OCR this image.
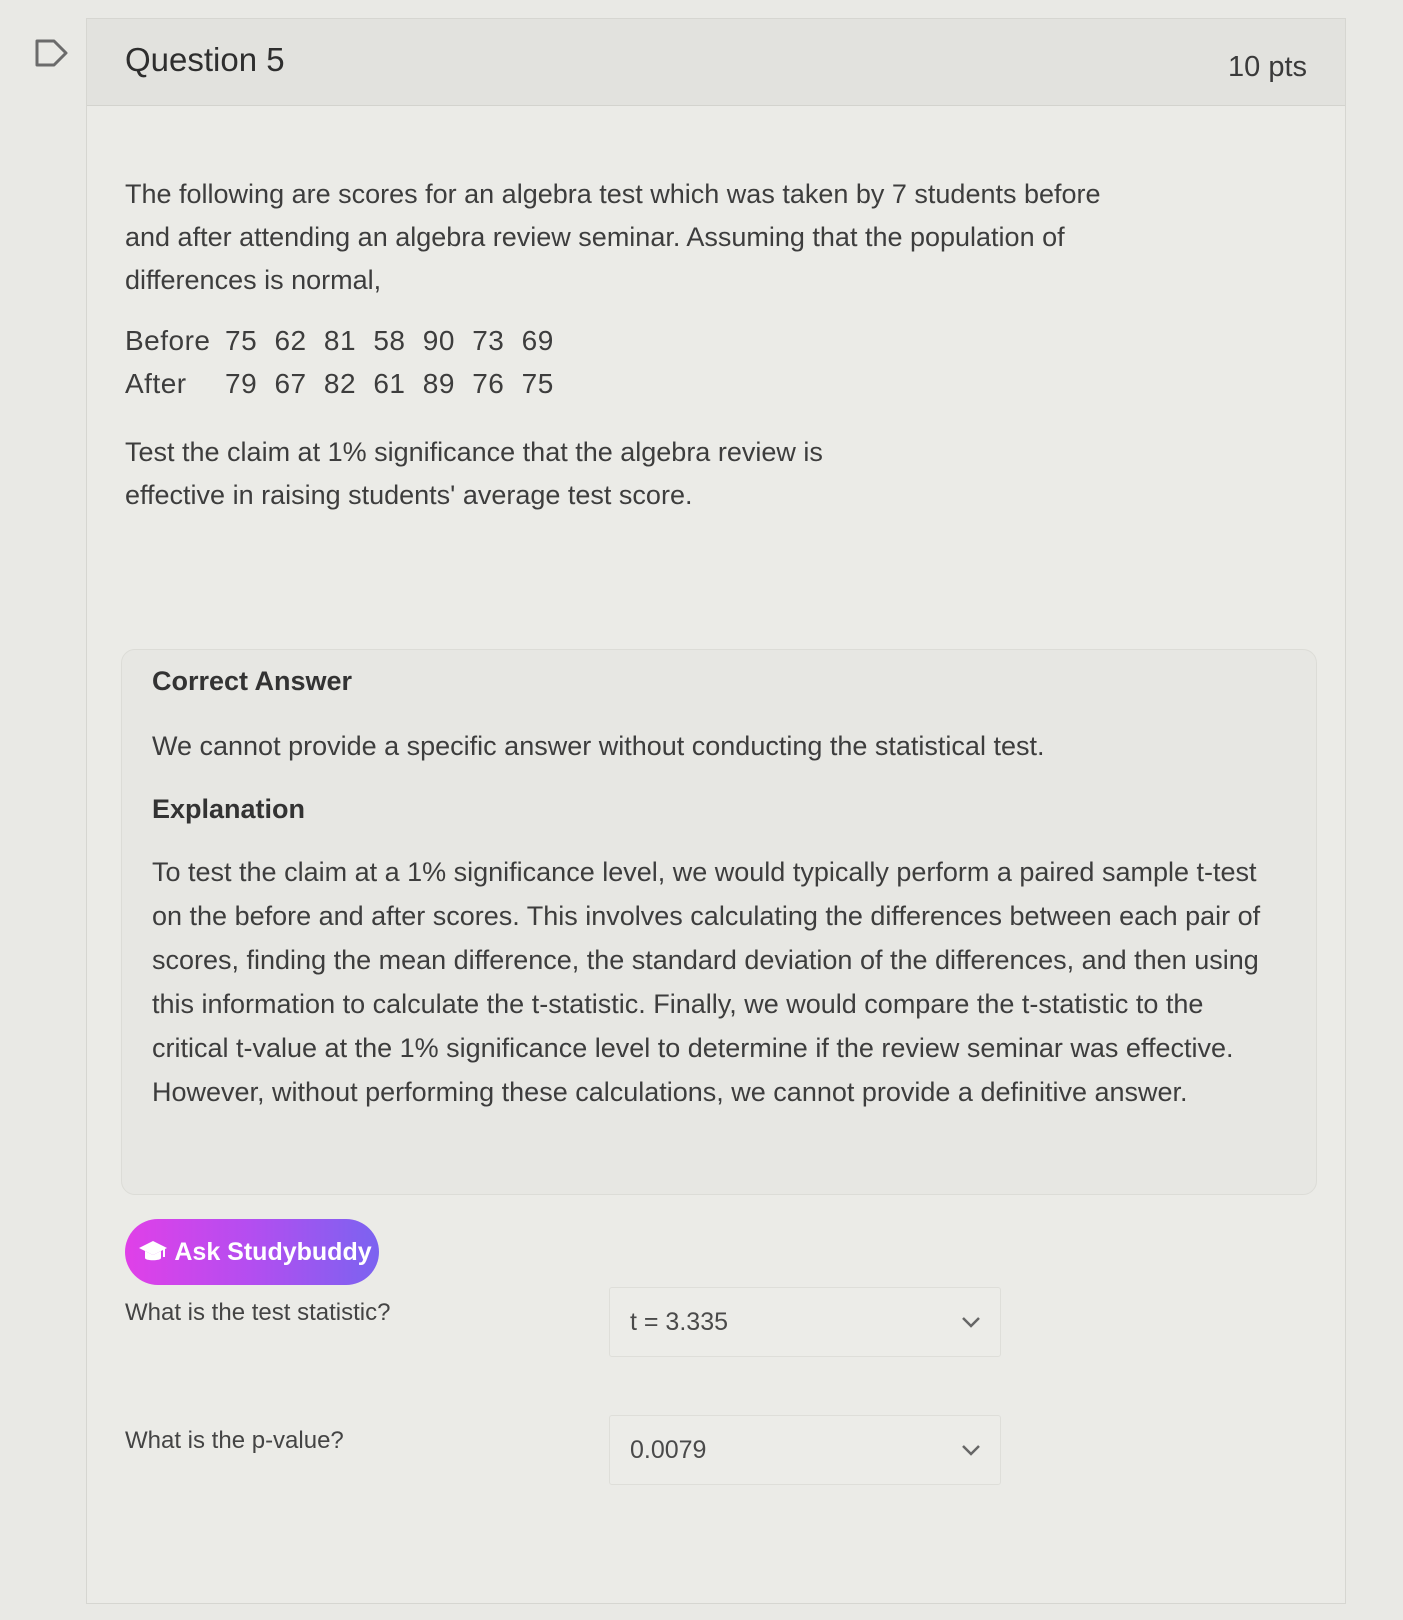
Question 5	10 pts
The following are scores for an algebra test which was taken by 7 students before and after attending an algebra review seminar. Assuming that the population of differences is normal,
Before 75 62 81 58 90 73 69
After	79 67 82 61 89 76 75
Test the claim at 1% significance that the algebra review is effective in raising students' average test score.
Correct Answer
We cannot provide a specific answer without conducting the statistical test.
Explanation
To test the claim at a 1% significance level, we would typically perform a paired sample t-test on the before and after scores. This involves calculating the differences between each pair of scores, finding the mean difference, the standard deviation of the differences, and then using this information to calculate the t-statistic. Finally, we would compare the t-statistic to the critical t-value at the 1% significance level to determine if the review seminar was effective. However, without performing these calculations, we cannot provide a definitive answer.
Ask Studybuddy
What is the test statistic?	t = 3.335
What is the p-value?	0.0079
